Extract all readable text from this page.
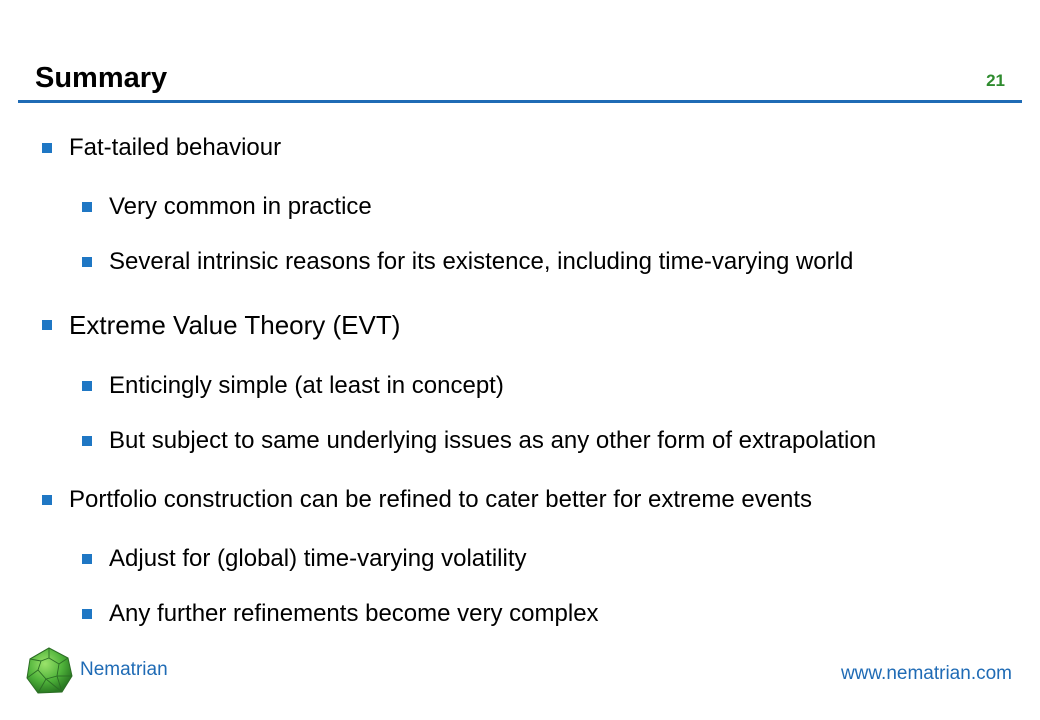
Summary	21
Fat-tailed behaviour
Very common in practice
Several intrinsic reasons for its existence, including time-varying world
Extreme Value Theory (EVT)
Enticingly simple (at least in concept)
But subject to same underlying issues as any other form of extrapolation
Portfolio construction can be refined to cater better for extreme events
Adjust for (global) time-varying volatility
Any further refinements become very complex
Nematrian	www.nematrian.com
